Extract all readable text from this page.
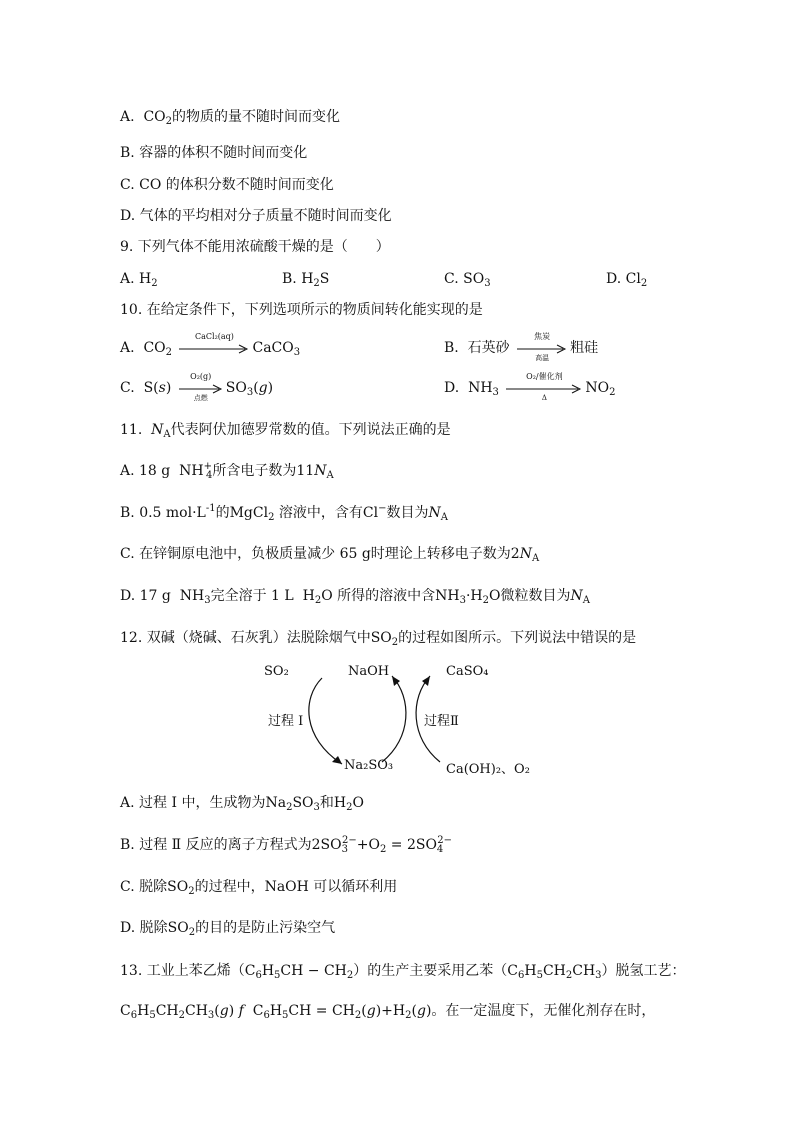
A.  $CO_2$的物质的量不随时间而变化
B. 容器的体积不随时间而变化
C. CO 的体积分数不随时间而变化
D. 气体的平均相对分子质量不随时间而变化
9. 下列气体不能用浓硫酸干燥的是（　　）
A. $H_2$	B. $H_2S$	C. $SO_3$	D. $Cl_2$
10. 在给定条件下，下列选项所示的物质间转化能实现的是
A.  $CO_2$
CaCl₂(aq)
CaCO$_3$	B. 石英砂
焦炭
高温
粗硅
C.  S(s)
O₂(g)
点燃
$SO_3(g)$	D.  $NH_3$
O₂/催化剂
Δ
$NO_2$
11. $N_A$代表阿伏加德罗常数的值。下列说法正确的是
A. 18 g  $NH^+_4$所含电子数为$11N_A$
B. 0.5 $mol\cdot L^{-1}$的MgCl$_2$ 溶液中，含有Cl−数目为$N_A$
C. 在锌铜原电池中，负极质量减少 65 g时理论上转移电子数为$2N_A$
D. 17 g  $NH_3$完全溶于 1 L  $H_2O$ 所得的溶液中含$NH_3\cdot H_2O$微粒数目为$N_A$
12. 双碱（烧碱、石灰乳）法脱除烟气中$SO_2$的过程如图所示。下列说法中错误的是
SO₂	NaOH	CaSO₄
过程 Ⅰ	过程Ⅱ
Na₂SO₃	Ca(OH)₂、O₂
A. 过程 Ⅰ 中，生成物为$Na_2SO_3$和$H_2O$
B. 过程 Ⅱ 反应的离子方程式为$2SO_3^{2-}+O_2 = 2SO_4^{2-}$
C. 脱除$SO_2$的过程中，NaOH 可以循环利用
D. 脱除$SO_2$的目的是防止污染空气
13. 工业上苯乙烯$(C_6H_5CH - CH_2)$的生产主要采用乙苯$(C_6H_5CH_2CH_3)$脱氢工艺：
$C_6H_5CH_2CH_3(g)$ f  $C_6H_5CH = CH_2(g)+H_2(g)$。在一定温度下，无催化剂存在时，
